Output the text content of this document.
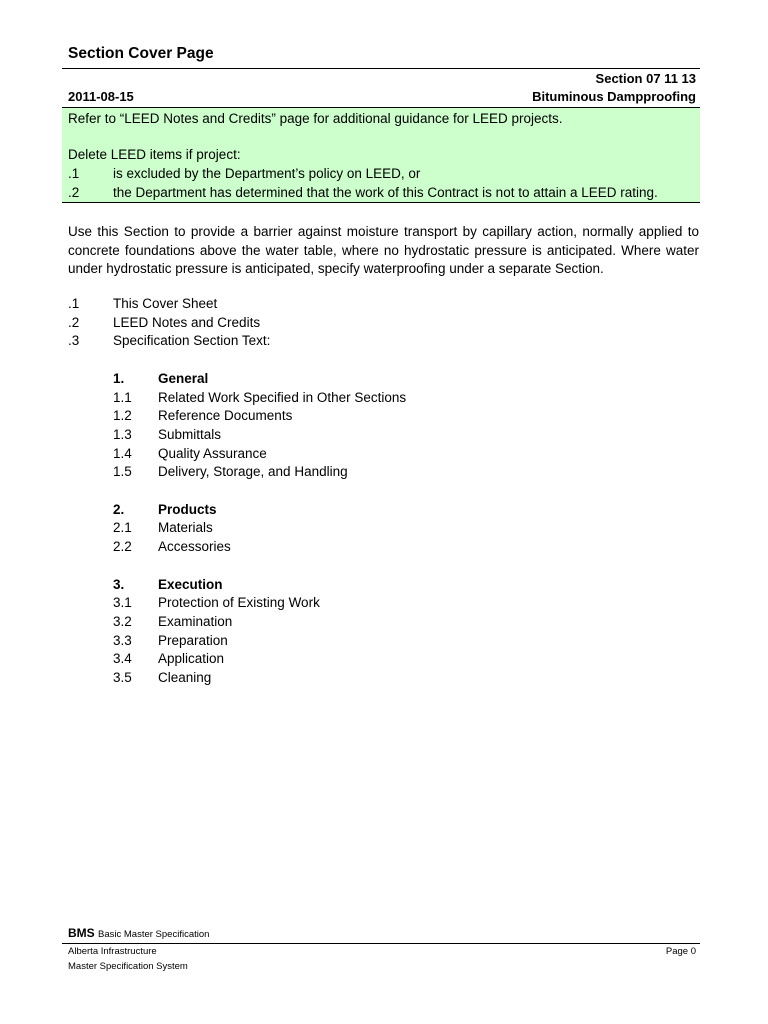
Section Cover Page
Section 07 11 13
2011-08-15	Bituminous Dampproofing
Refer to “LEED Notes and Credits” page for additional guidance for LEED projects.
Delete LEED items if project:
.1 is excluded by the Department’s policy on LEED, or
.2 the Department has determined that the work of this Contract is not to attain a LEED rating.
Use this Section to provide a barrier against moisture transport by capillary action, normally applied to concrete foundations above the water table, where no hydrostatic pressure is anticipated. Where water under hydrostatic pressure is anticipated, specify waterproofing under a separate Section.
.1 This Cover Sheet
.2 LEED Notes and Credits
.3 Specification Section Text:
1. General
1.1 Related Work Specified in Other Sections
1.2 Reference Documents
1.3 Submittals
1.4 Quality Assurance
1.5 Delivery, Storage, and Handling
2. Products
2.1 Materials
2.2 Accessories
3. Execution
3.1 Protection of Existing Work
3.2 Examination
3.3 Preparation
3.4 Application
3.5 Cleaning
BMS Basic Master Specification
Alberta Infrastructure	Page 0
Master Specification System
